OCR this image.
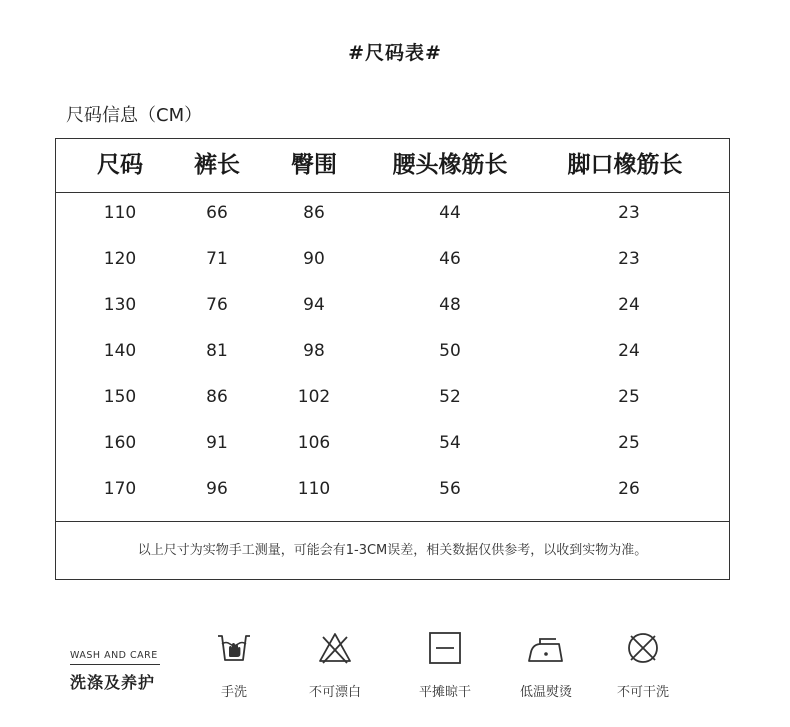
#尺码表#
尺码信息（CM）
尺码 裤长 臀围 腰头橡筋长	脚口橡筋长
110	66	86	44	23
120	71	90	46	23
130	76	94	48	24
140	81	98	50	24
150	86	102	52	25
160	91	106	54	25
170	96	110	56	26
以上尺寸为实物手工测量，可能会有1-3CM误差，相关数据仅供参考，以收到实物为准。
WASH AND CARE
洗涤及养护
手洗	不可漂白	平摊晾干	低温熨烫	不可干洗
